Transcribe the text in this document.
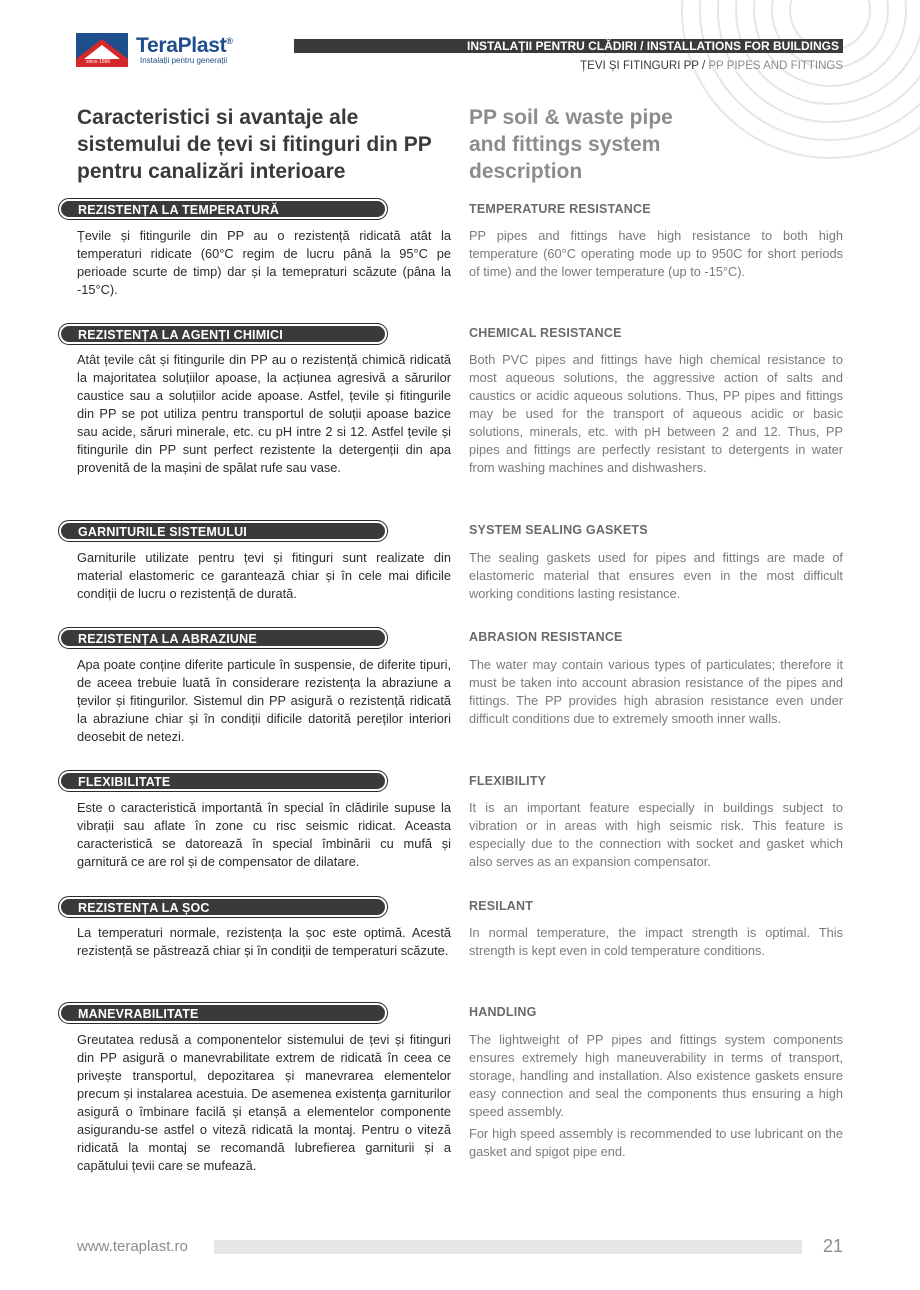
since 1896
TeraPlast®
Instalații pentru generații
INSTALAȚII PENTRU CLĂDIRI / INSTALLATIONS FOR BUILDINGS
ȚEVI ȘI FITINGURI PP / PP PIPES AND FITTINGS
Caracteristici si avantaje ale sistemului de țevi si fitinguri din PP pentru canalizări interioare
PP soil & waste pipe
and fittings system
description
REZISTENȚA LA TEMPERATURĂ

Țevile și fitingurile din PP au o rezistență ridicată atât la temperaturi ridicate (60°C regim de lucru până la 95°C pe perioade scurte de timp) dar și la temepraturi scăzute (pâna la -15°C).

TEMPERATURE RESISTANCE

PP pipes and fittings have high resistance to both high temperature (60°C operating mode up to 950C for short periods of time) and the lower temperature (up to -15°C).

REZISTENȚA LA AGENȚI CHIMICI

Atât țevile cât și fitingurile din PP au o rezistență chimică ridicată la majoritatea soluțiilor apoase, la acțiunea agresivă a sărurilor caustice sau a soluțiilor acide apoase. Astfel, țevile și fitingurile din PP se pot utiliza pentru transportul de soluții apoase bazice sau acide, săruri minerale, etc. cu pH intre 2 si 12. Astfel țevile și fitingurile din PP sunt perfect rezistente la detergenții din apa provenită de la mașini de spălat rufe sau vase.

CHEMICAL RESISTANCE

Both PVC pipes and fittings have high chemical resistance to most aqueous solutions, the aggressive action of salts and caustics or acidic aqueous solutions. Thus, PP pipes and fittings may be used for the transport of aqueous acidic or basic solutions, minerals, etc. with pH between 2 and 12. Thus, PP pipes and fittings are perfectly resistant to detergents in water from washing machines and dishwashers.

GARNITURILE SISTEMULUI

Garniturile utilizate pentru țevi și fitinguri sunt realizate din material elastomeric ce garantează chiar și în cele mai dificile condiții de lucru o rezistență de durată.

SYSTEM SEALING GASKETS

The sealing gaskets used for pipes and fittings are made of elastomeric material that ensures even in the most difficult working conditions lasting resistance.

REZISTENȚA LA ABRAZIUNE

Apa poate conține diferite particule în suspensie, de diferite tipuri, de aceea trebuie luată în considerare rezistența la abraziune a țevilor și fitingurilor. Sistemul din PP asigură o rezistență ridicată la abraziune chiar și în condiții dificile datorită pereților interiori deosebit de netezi.

ABRASION RESISTANCE

The water may contain various types of particulates; therefore it must be taken into account abrasion resistance of the pipes and fittings. The PP provides high abrasion resistance even under difficult conditions due to extremely smooth inner walls.

FLEXIBILITATE

Este o caracteristică importantă în special în clădirile supuse la vibrații sau aflate în zone cu risc seismic ridicat. Aceasta caracteristică se datorează în special îmbinării cu mufă și garnitură ce are rol și de compensator de dilatare.

FLEXIBILITY

It is an important feature especially in buildings subject to vibration or in areas with high seismic risk. This feature is especially due to the connection with socket and gasket which also serves as an expansion compensator.

REZISTENȚA LA ȘOC

La temperaturi normale, rezistența la șoc este optimă. Acestă rezistență se păstrează chiar și în condiții de temperaturi scăzute.

RESILANT

In normal temperature, the impact strength is optimal. This strength is kept even in cold temperature conditions.

MANEVRABILITATE

Greutatea redusă a componentelor sistemului de țevi și fitinguri din PP asigură o manevrabilitate extrem de ridicată în ceea ce privește transportul, depozitarea și manevrarea elementelor precum și instalarea acestuia. De asemenea existența garniturilor asigură o îmbinare facilă și etanșă a elementelor componente asigurandu-se astfel o viteză ridicată la montaj. Pentru o viteză ridicată la montaj se recomandă lubrefierea garniturii și a capătului țevii care se mufează.

HANDLING

The lightweight of PP pipes and fittings system components ensures extremely high maneuverability in terms of transport, storage, handling and installation. Also existence gaskets ensure easy connection and seal the components thus ensuring a high speed assembly.

For high speed assembly is recommended to use lubricant on the gasket and spigot pipe end.

www.teraplast.ro	21
